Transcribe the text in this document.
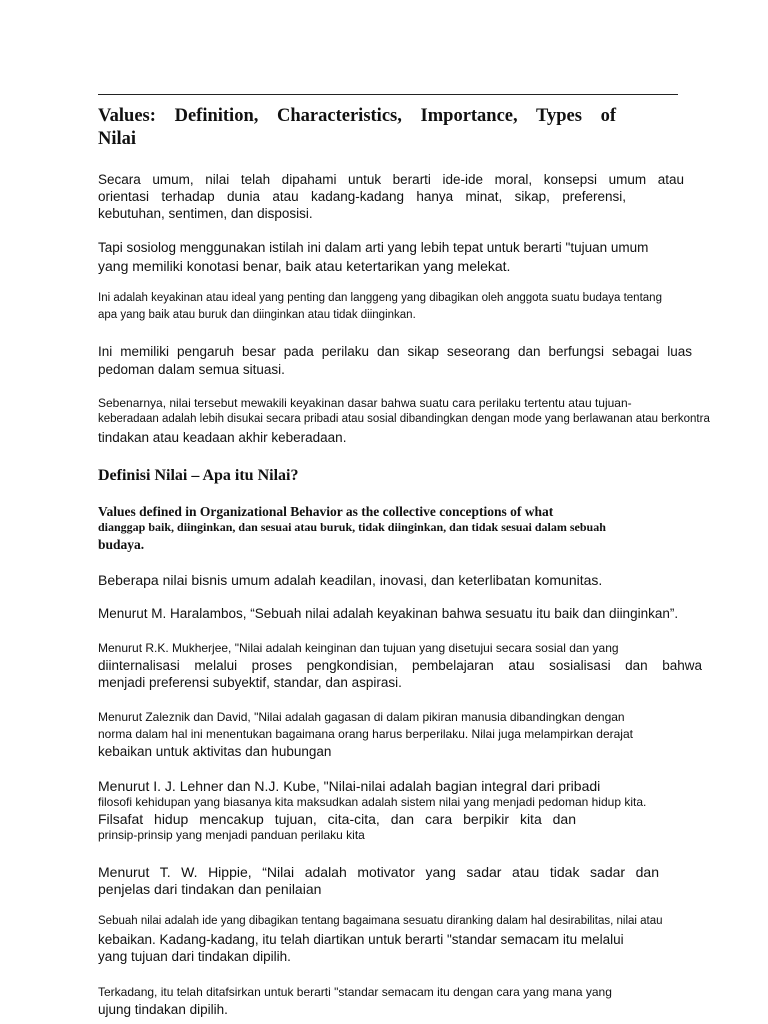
Values: Definition, Characteristics, Importance, Types of
Nilai
Secara umum, nilai telah dipahami untuk berarti ide-ide moral, konsepsi umum atau
orientasi terhadap dunia atau kadang-kadang hanya minat, sikap, preferensi,
kebutuhan, sentimen, dan disposisi.
Tapi sosiolog menggunakan istilah ini dalam arti yang lebih tepat untuk berarti "tujuan umum
yang memiliki konotasi benar, baik atau ketertarikan yang melekat.
Ini adalah keyakinan atau ideal yang penting dan langgeng yang dibagikan oleh anggota suatu budaya tentang
apa yang baik atau buruk dan diinginkan atau tidak diinginkan.
Ini memiliki pengaruh besar pada perilaku dan sikap seseorang dan berfungsi sebagai luas
pedoman dalam semua situasi.
Sebenarnya, nilai tersebut mewakili keyakinan dasar bahwa suatu cara perilaku tertentu atau tujuan-
keberadaan adalah lebih disukai secara pribadi atau sosial dibandingkan dengan mode yang berlawanan atau berkontra
tindakan atau keadaan akhir keberadaan.
Definisi Nilai – Apa itu Nilai?
Values defined in Organizational Behavior as the collective conceptions of what
dianggap baik, diinginkan, dan sesuai atau buruk, tidak diinginkan, dan tidak sesuai dalam sebuah
budaya.
Beberapa nilai bisnis umum adalah keadilan, inovasi, dan keterlibatan komunitas.
Menurut M. Haralambos, “Sebuah nilai adalah keyakinan bahwa sesuatu itu baik dan diinginkan”.
Menurut R.K. Mukherjee, "Nilai adalah keinginan dan tujuan yang disetujui secara sosial dan yang
diinternalisasi melalui proses pengkondisian, pembelajaran atau sosialisasi dan bahwa
menjadi preferensi subyektif, standar, dan aspirasi.
Menurut Zaleznik dan David, "Nilai adalah gagasan di dalam pikiran manusia dibandingkan dengan
norma dalam hal ini menentukan bagaimana orang harus berperilaku. Nilai juga melampirkan derajat
kebaikan untuk aktivitas dan hubungan
Menurut I. J. Lehner dan N.J. Kube, "Nilai-nilai adalah bagian integral dari pribadi
filosofi kehidupan yang biasanya kita maksudkan adalah sistem nilai yang menjadi pedoman hidup kita.
Filsafat hidup mencakup tujuan, cita-cita, dan cara berpikir kita dan
prinsip-prinsip yang menjadi panduan perilaku kita
Menurut T. W. Hippie, “Nilai adalah motivator yang sadar atau tidak sadar dan
penjelas dari tindakan dan penilaian
Sebuah nilai adalah ide yang dibagikan tentang bagaimana sesuatu diranking dalam hal desirabilitas, nilai atau
kebaikan. Kadang-kadang, itu telah diartikan untuk berarti "standar semacam itu melalui
yang tujuan dari tindakan dipilih.
Terkadang, itu telah ditafsirkan untuk berarti "standar semacam itu dengan cara yang mana yang
ujung tindakan dipilih.
